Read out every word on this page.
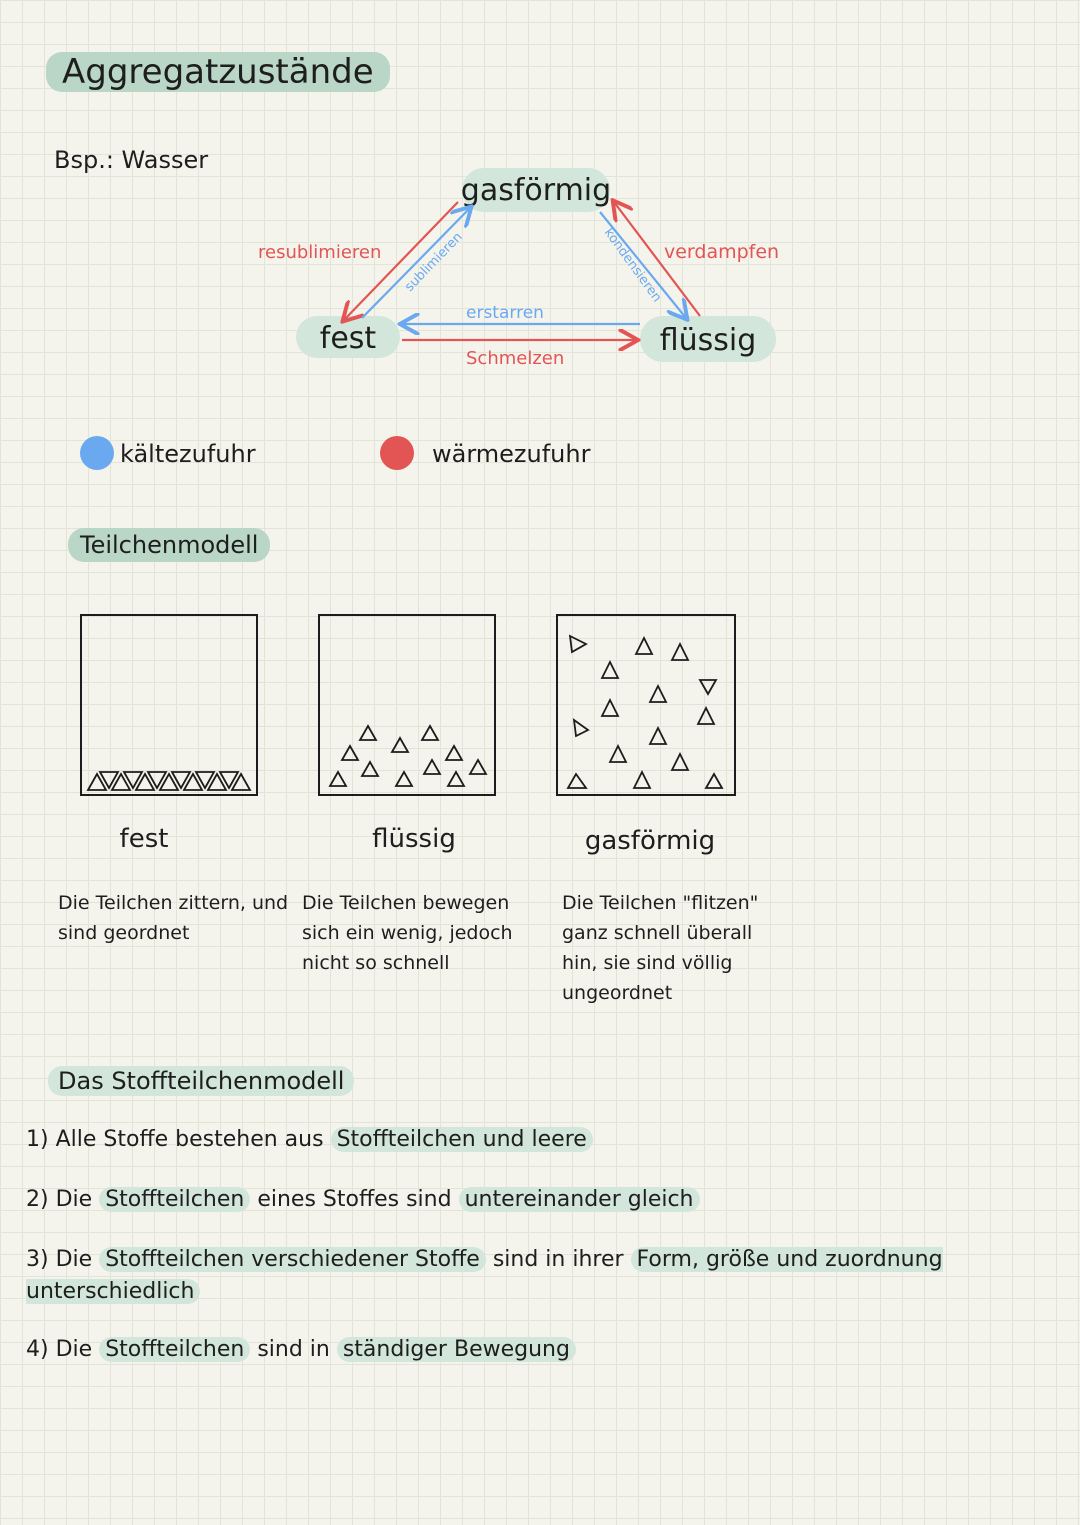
Aggregatzustände
Bsp.: Wasser
gasförmig
fest	flüssig
resublimieren sublimieren	kondensieren verdampfen
erstarren
Schmelzen
kältezufuhr	wärmezufuhr
Teilchenmodell
fest
Die Teilchen zittern, und sind geordnet
flüssig
Die Teilchen bewegen sich ein wenig, jedoch nicht so schnell
gasförmig
Die Teilchen "flitzen" ganz schnell überall hin, sie sind völlig ungeordnet
Das Stoffteilchenmodell
1) Alle Stoffe bestehen aus Stoffteilchen und leere
2) Die Stoffteilchen eines Stoffes sind untereinander gleich
3) Die Stoffteilchen verschiedener Stoffe sind in ihrer Form, größe und zuordnung unterschiedlich
4) Die Stoffteilchen sind in ständiger Bewegung
